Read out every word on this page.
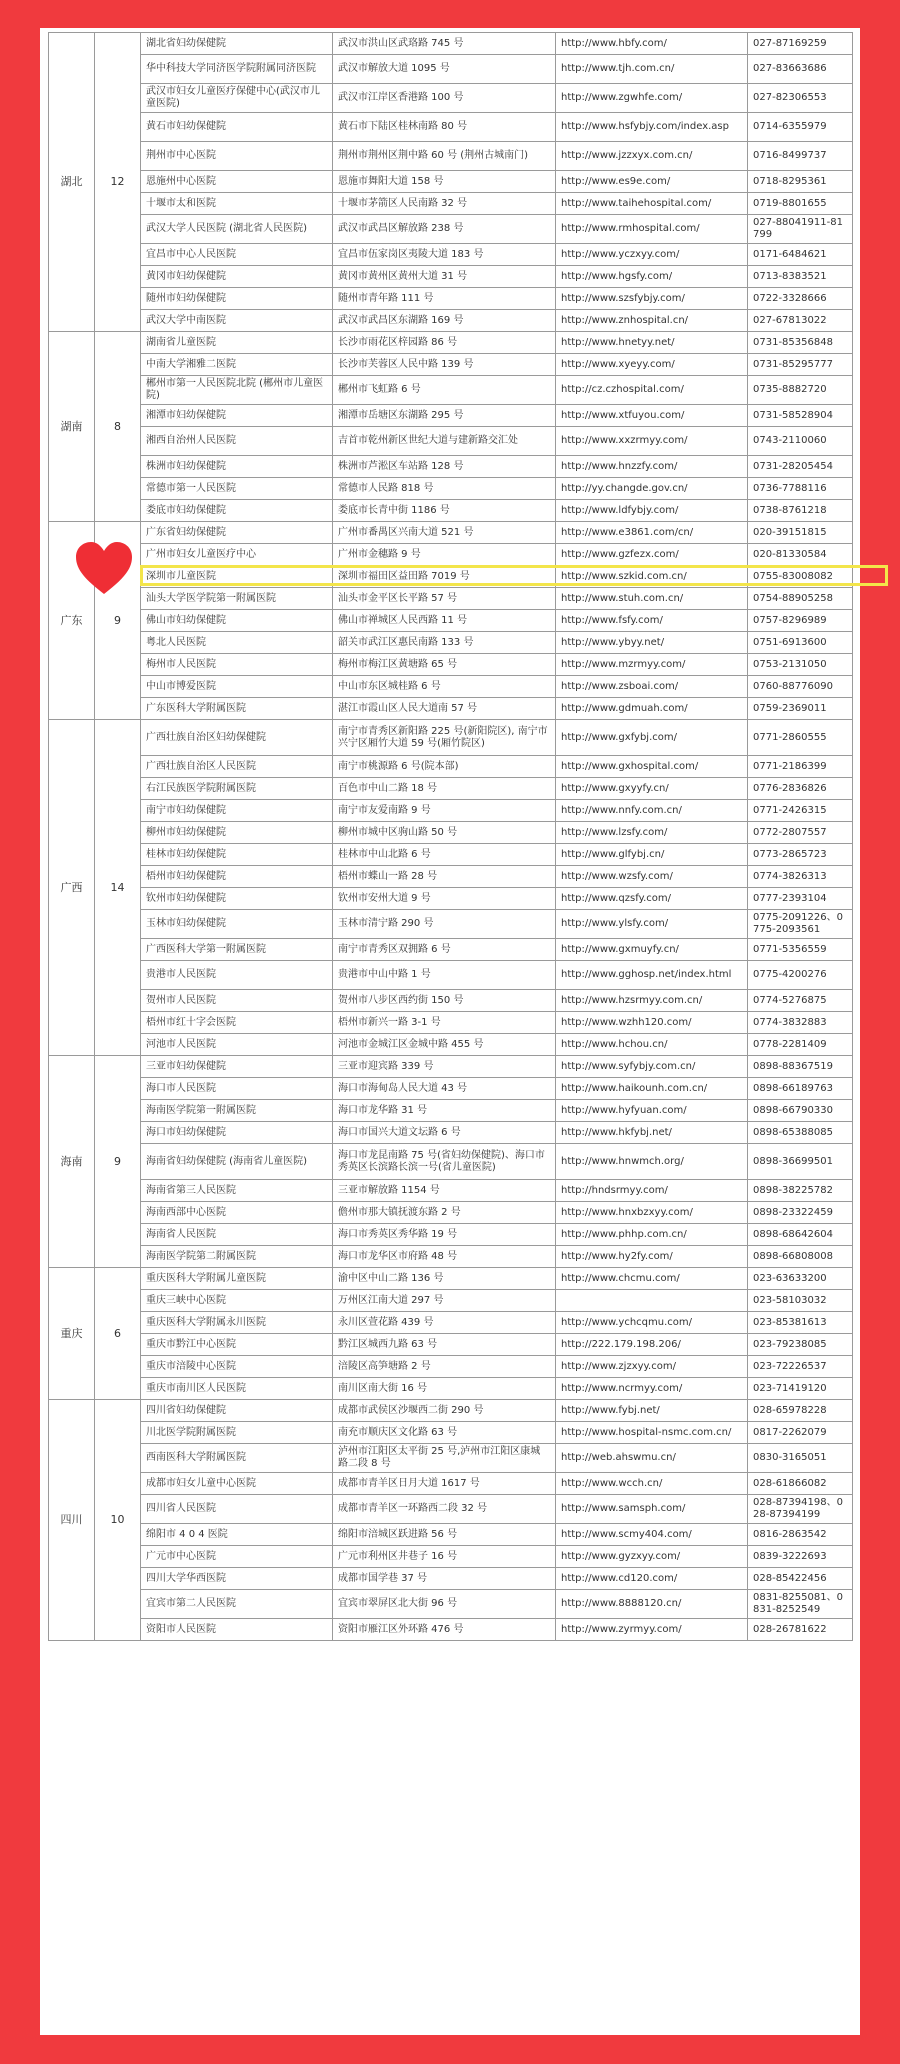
湖北	12	湖北省妇幼保健院	武汉市洪山区武珞路 745 号	http://www.hbfy.com/	027-87169259
		华中科技大学同济医学院附属同济医院	武汉市解放大道 1095 号	http://www.tjh.com.cn/	027-83663686
		武汉市妇女儿童医疗保健中心(武汉市儿童医院)	武汉市江岸区香港路 100 号	http://www.zgwhfe.com/	027-82306553
		黄石市妇幼保健院	黄石市下陆区桂林南路 80 号	http://www.hsfybjy.com/index.asp	0714-6355979
		荆州市中心医院	荆州市荆州区荆中路 60 号 (荆州古城南门)	http://www.jzzxyx.com.cn/	0716-8499737
		恩施州中心医院	恩施市舞阳大道 158 号	http://www.es9e.com/	0718-8295361
		十堰市太和医院	十堰市茅箭区人民南路 32 号	http://www.taihehospital.com/	0719-8801655
		武汉大学人民医院 (湖北省人民医院)	武汉市武昌区解放路 238 号	http://www.rmhospital.com/	027-88041911-81799
		宜昌市中心人民医院	宜昌市伍家岗区夷陵大道 183 号	http://www.yczxyy.com/	0171-6484621
		黄冈市妇幼保健院	黄冈市黄州区黄州大道 31 号	http://www.hgsfy.com/	0713-8383521
		随州市妇幼保健院	随州市青年路 111 号	http://www.szsfybjy.com/	0722-3328666
		武汉大学中南医院	武汉市武昌区东湖路 169 号	http://www.znhospital.cn/	027-67813022
湖南	8	湖南省儿童医院	长沙市雨花区梓园路 86 号	http://www.hnetyy.net/	0731-85356848
		中南大学湘雅二医院	长沙市芙蓉区人民中路 139 号	http://www.xyeyy.com/	0731-85295777
		郴州市第一人民医院北院 (郴州市儿童医院)	郴州市飞虹路 6 号	http://cz.czhospital.com/	0735-8882720
		湘潭市妇幼保健院	湘潭市岳塘区东湖路 295 号	http://www.xtfuyou.com/	0731-58528904
		湘西自治州人民医院	吉首市乾州新区世纪大道与建新路交汇处	http://www.xxzrmyy.com/	0743-2110060
		株洲市妇幼保健院	株洲市芦淞区车站路 128 号	http://www.hnzzfy.com/	0731-28205454
		常德市第一人民医院	常德市人民路 818 号	http://yy.changde.gov.cn/	0736-7788116
		娄底市妇幼保健院	娄底市长青中街 1186 号	http://www.ldfybjy.com/	0738-8761218
广东	9	广东省妇幼保健院	广州市番禺区兴南大道 521 号	http://www.e3861.com/cn/	020-39151815
		广州市妇女儿童医疗中心	广州市金穗路 9 号	http://www.gzfezx.com/	020-81330584
		深圳市儿童医院	深圳市福田区益田路 7019 号	http://www.szkid.com.cn/	0755-83008082
		汕头大学医学院第一附属医院	汕头市金平区长平路 57 号	http://www.stuh.com.cn/	0754-88905258
		佛山市妇幼保健院	佛山市禅城区人民西路 11 号	http://www.fsfy.com/	0757-8296989
		粤北人民医院	韶关市武江区惠民南路 133 号	http://www.ybyy.net/	0751-6913600
		梅州市人民医院	梅州市梅江区黄塘路 65 号	http://www.mzrmyy.com/	0753-2131050
		中山市博爱医院	中山市东区城桂路 6 号	http://www.zsboai.com/	0760-88776090
		广东医科大学附属医院	湛江市霞山区人民大道南 57 号	http://www.gdmuah.com/	0759-2369011
广西	14	广西壮族自治区妇幼保健院	南宁市青秀区新阳路 225 号(新阳院区), 南宁市兴宁区厢竹大道 59 号(厢竹院区)	http://www.gxfybj.com/	0771-2860555
		广西壮族自治区人民医院	南宁市桃源路 6 号(院本部)	http://www.gxhospital.com/	0771-2186399
		右江民族医学院附属医院	百色市中山二路 18 号	http://www.gxyyfy.cn/	0776-2836826
		南宁市妇幼保健院	南宁市友爱南路 9 号	http://www.nnfy.com.cn/	0771-2426315
		柳州市妇幼保健院	柳州市城中区驹山路 50 号	http://www.lzsfy.com/	0772-2807557
		桂林市妇幼保健院	桂林市中山北路 6 号	http://www.glfybj.cn/	0773-2865723
		梧州市妇幼保健院	梧州市蝶山一路 28 号	http://www.wzsfy.com/	0774-3826313
		钦州市妇幼保健院	钦州市安州大道 9 号	http://www.qzsfy.com/	0777-2393104
		玉林市妇幼保健院	玉林市清宁路 290 号	http://www.ylsfy.com/	0775-2091226、0775-2093561
		广西医科大学第一附属医院	南宁市青秀区双拥路 6 号	http://www.gxmuyfy.cn/	0771-5356559
		贵港市人民医院	贵港市中山中路 1 号	http://www.gghosp.net/index.html	0775-4200276
		贺州市人民医院	贺州市八步区西约街 150 号	http://www.hzsrmyy.com.cn/	0774-5276875
		梧州市红十字会医院	梧州市新兴一路 3-1 号	http://www.wzhh120.com/	0774-3832883
		河池市人民医院	河池市金城江区金城中路 455 号	http://www.hchou.cn/	0778-2281409
海南	9	三亚市妇幼保健院	三亚市迎宾路 339 号	http://www.syfybjy.com.cn/	0898-88367519
		海口市人民医院	海口市海甸岛人民大道 43 号	http://www.haikounh.com.cn/	0898-66189763
		海南医学院第一附属医院	海口市龙华路 31 号	http://www.hyfyuan.com/	0898-66790330
		海口市妇幼保健院	海口市国兴大道文坛路 6 号	http://www.hkfybj.net/	0898-65388085
		海南省妇幼保健院 (海南省儿童医院)	海口市龙昆南路 75 号(省妇幼保健院)、海口市秀英区长滨路长滨一号(省儿童医院)	http://www.hnwmch.org/	0898-36699501
		海南省第三人民医院	三亚市解放路 1154 号	http://hndsrmyy.com/	0898-38225782
		海南西部中心医院	儋州市那大镇抚渡东路 2 号	http://www.hnxbzxyy.com/	0898-23322459
		海南省人民医院	海口市秀英区秀华路 19 号	http://www.phhp.com.cn/	0898-68642604
		海南医学院第二附属医院	海口市龙华区市府路 48 号	http://www.hy2fy.com/	0898-66808008
重庆	6	重庆医科大学附属儿童医院	渝中区中山二路 136 号	http://www.chcmu.com/	023-63633200
		重庆三峡中心医院	万州区江南大道 297 号		023-58103032
		重庆医科大学附属永川医院	永川区萱花路 439 号	http://www.ychcqmu.com/	023-85381613
		重庆市黔江中心医院	黔江区城西九路 63 号	http://222.179.198.206/	023-79238085
		重庆市涪陵中心医院	涪陵区高笋塘路 2 号	http://www.zjzxyy.com/	023-72226537
		重庆市南川区人民医院	南川区南大街 16 号	http://www.ncrmyy.com/	023-71419120
四川	10	四川省妇幼保健院	成都市武侯区沙堰西二街 290 号	http://www.fybj.net/	028-65978228
		川北医学院附属医院	南充市顺庆区文化路 63 号	http://www.hospital-nsmc.com.cn/	0817-2262079
		西南医科大学附属医院	泸州市江阳区太平街 25 号,泸州市江阳区康城路二段 8 号	http://web.ahswmu.cn/	0830-3165051
		成都市妇女儿童中心医院	成都市青羊区日月大道 1617 号	http://www.wcch.cn/	028-61866082
		四川省人民医院	成都市青羊区一环路西二段 32 号	http://www.samsph.com/	028-87394198、028-87394199
		绵阳市 4 0 4 医院	绵阳市涪城区跃进路 56 号	http://www.scmy404.com/	0816-2863542
		广元市中心医院	广元市利州区井巷子 16 号	http://www.gyzxyy.com/	0839-3222693
		四川大学华西医院	成都市国学巷 37 号	http://www.cd120.com/	028-85422456
		宜宾市第二人民医院	宜宾市翠屏区北大街 96 号	http://www.8888120.cn/	0831-8255081、0831-8252549
		资阳市人民医院	资阳市雁江区外环路 476 号	http://www.zyrmyy.com/	028-26781622
